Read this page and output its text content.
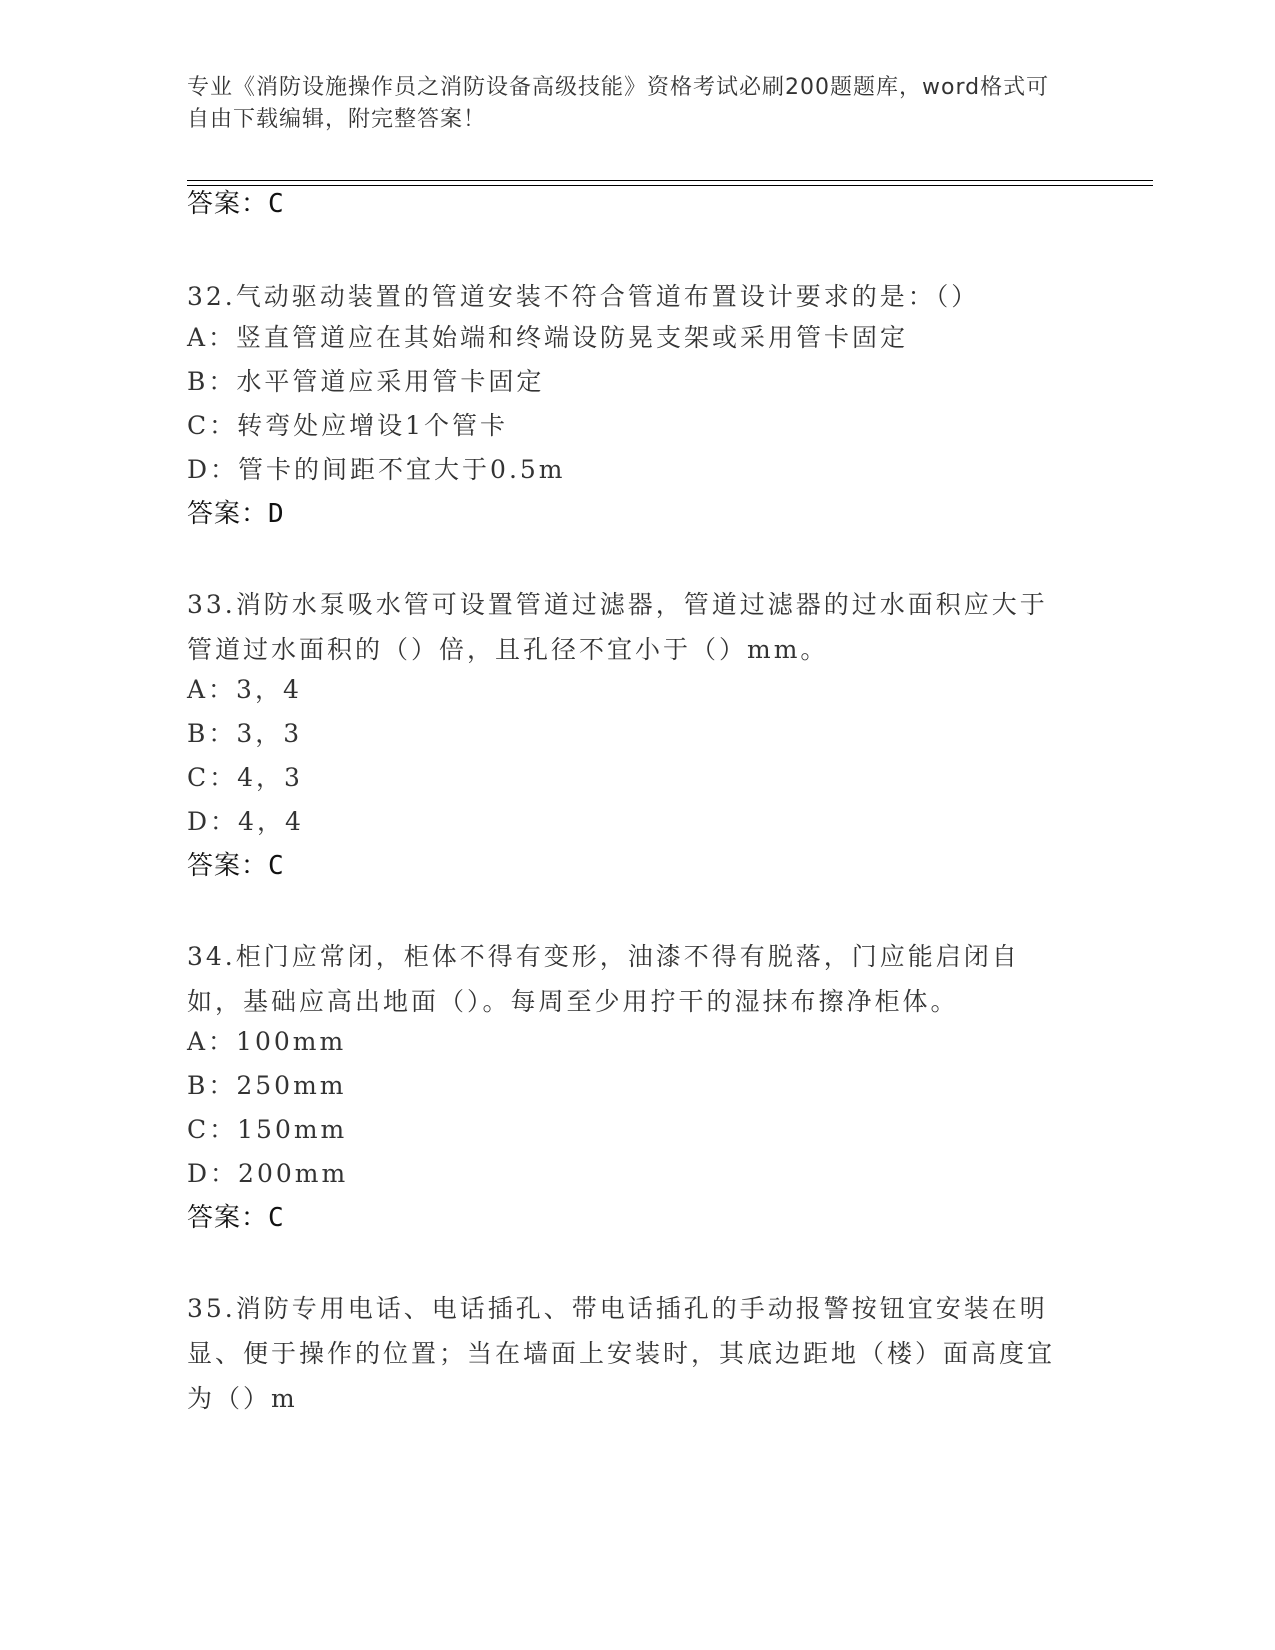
专业《消防设施操作员之消防设备高级技能》资格考试必刷200题题库，word格式可自由下载编辑，附完整答案！
答案：C
32.气动驱动装置的管道安装不符合管道布置设计要求的是：（）
A：竖直管道应在其始端和终端设防晃支架或采用管卡固定
B：水平管道应采用管卡固定
C：转弯处应增设1个管卡
D：管卡的间距不宜大于0.5m
答案：D
33.消防水泵吸水管可设置管道过滤器，管道过滤器的过水面积应大于管道过水面积的（）倍，且孔径不宜小于（）mm。
A：3，4
B：3，3
C：4，3
D：4，4
答案：C
34.柜门应常闭，柜体不得有变形，油漆不得有脱落，门应能启闭自如，基础应高出地面（）。每周至少用拧干的湿抹布擦净柜体。
A：100mm
B：250mm
C：150mm
D：200mm
答案：C
35.消防专用电话、电话插孔、带电话插孔的手动报警按钮宜安装在明显、便于操作的位置；当在墙面上安装时，其底边距地（楼）面高度宜为（）m
